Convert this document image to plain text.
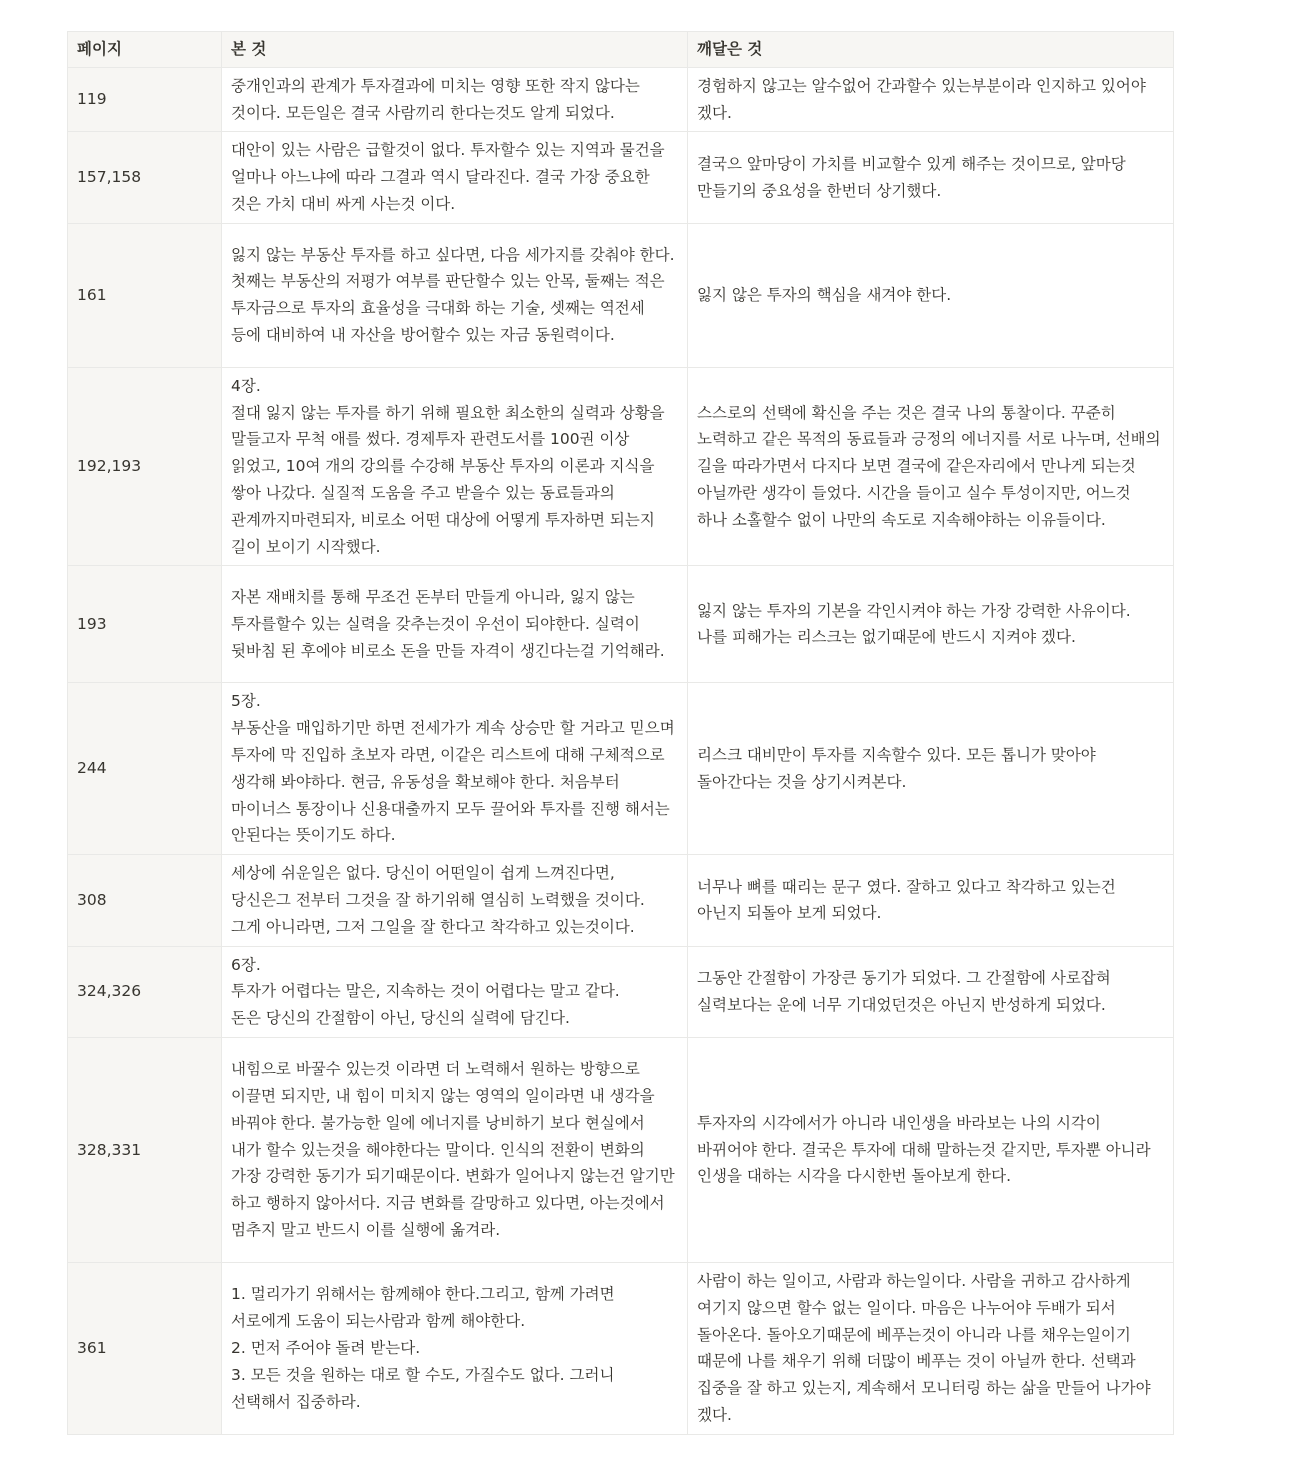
페이지	본 것	깨달은 것
119	중개인과의 관계가 투자결과에 미치는 영향 또한 작지 않다는 것이다. 모든일은 결국 사람끼리 한다는것도 알게 되었다.	경험하지 않고는 알수없어 간과할수 있는부분이라 인지하고 있어야 겠다.
157,158	대안이 있는 사람은 급할것이 없다. 투자할수 있는 지역과 물건을 얼마나 아느냐에 따라 그결과 역시 달라진다. 결국 가장 중요한 것은 가치 대비 싸게 사는것 이다.	결국으 앞마당이 가치를 비교할수 있게 해주는 것이므로, 앞마당 만들기의 중요성을 한번더 상기했다.
161	잃지 않는 부동산 투자를 하고 싶다면, 다음 세가지를 갖춰야 한다. 첫째는 부동산의 저평가 여부를 판단할수 있는 안목, 둘째는 적은 투자금으로 투자의 효율성을 극대화 하는 기술, 셋째는 역전세 등에 대비하여 내 자산을 방어할수 있는 자금 동원력이다.	잃지 않은 투자의 핵심을 새겨야 한다.
192,193	4장.
절대 잃지 않는 투자를 하기 위해 필요한 최소한의 실력과 상황을 말들고자 무척 애를 썼다. 경제투자 관련도서를 100권 이상 읽었고, 10여 개의 강의를 수강해 부동산 투자의 이론과 지식을 쌓아 나갔다. 실질적 도움을 주고 받을수 있는 동료들과의 관계까지마련되자, 비로소 어떤 대상에 어떻게 투자하면 되는지 길이 보이기 시작했다.	스스로의 선택에 확신을 주는 것은 결국 나의 통찰이다. 꾸준히 노력하고 같은 목적의 동료들과 긍정의 에너지를 서로 나누며, 선배의 길을 따라가면서 다지다 보면 결국에 같은자리에서 만나게 되는것 아닐까란 생각이 들었다. 시간을 들이고 실수 투성이지만, 어느것 하나 소홀할수 없이 나만의 속도로 지속해야하는 이유들이다.
193	자본 재배치를 통해 무조건 돈부터 만들게 아니라, 잃지 않는 투자를할수 있는 실력을 갖추는것이 우선이 되야한다. 실력이 뒷바침 된 후에야 비로소 돈을 만들 자격이 생긴다는걸 기억해라.	잃지 않는 투자의 기본을 각인시켜야 하는 가장 강력한 사유이다. 나를 피해가는 리스크는 없기때문에 반드시 지켜야 겠다.
244	5장.
부동산을 매입하기만 하면 전세가가 계속 상승만 할 거라고 믿으며 투자에 막 진입하 초보자 라면, 이같은 리스트에 대해 구체적으로 생각해 봐야하다. 현금, 유동성을 확보해야 한다. 처음부터 마이너스 통장이나 신용대출까지 모두 끌어와 투자를 진행 해서는 안된다는 뜻이기도 하다.	리스크 대비만이 투자를 지속할수 있다. 모든 톱니가 맞아야 돌아간다는 것을 상기시켜본다.
308	세상에 쉬운일은 없다. 당신이 어떤일이 쉽게 느껴진다면, 당신은그 전부터 그것을 잘 하기위해 열심히 노력했을 것이다. 그게 아니라면, 그저 그일을 잘 한다고 착각하고 있는것이다.	너무나 뼈를 때리는 문구 였다. 잘하고 있다고 착각하고 있는건 아닌지 되돌아 보게 되었다.
324,326	6장.
투자가 어렵다는 말은, 지속하는 것이 어렵다는 말고 같다.
돈은 당신의 간절함이 아닌, 당신의 실력에 담긴다.	그동안 간절함이 가장큰 동기가 되었다. 그 간절함에 사로잡혀 실력보다는 운에 너무 기대었던것은 아닌지 반성하게 되었다.
328,331	내힘으로 바꿀수 있는것 이라면 더 노력해서 원하는 방향으로 이끌면 되지만, 내 힘이 미치지 않는 영역의 일이라면 내 생각을 바꿔야 한다. 불가능한 일에 에너지를 낭비하기 보다 현실에서 내가 할수 있는것을 해야한다는 말이다. 인식의 전환이 변화의 가장 강력한 동기가 되기때문이다. 변화가 일어나지 않는건 알기만 하고 행하지 않아서다. 지금 변화를 갈망하고 있다면, 아는것에서 멈추지 말고 반드시 이를 실행에 옮겨라.	투자자의 시각에서가 아니라 내인생을 바라보는 나의 시각이 바뀌어야 한다. 결국은 투자에 대해 말하는것 같지만, 투자뿐 아니라 인생을 대하는 시각을 다시한번 돌아보게 한다.
361	1. 멀리가기 위해서는 함께해야 한다.그리고, 함께 가려면 서로에게 도움이 되는사람과 함께 해야한다.
2. 먼저 주어야 돌려 받는다.
3. 모든 것을 원하는 대로 할 수도, 가질수도 없다. 그러니 선택해서 집중하라.	사람이 하는 일이고, 사람과 하는일이다. 사람을 귀하고 감사하게 여기지 않으면 할수 없는 일이다. 마음은 나누어야 두배가 되서 돌아온다. 돌아오기때문에 베푸는것이 아니라 나를 채우는일이기 때문에 나를 채우기 위해 더많이 베푸는 것이 아닐까 한다. 선택과 집중을 잘 하고 있는지, 계속해서 모니터링 하는 삶을 만들어 나가야 겠다.
